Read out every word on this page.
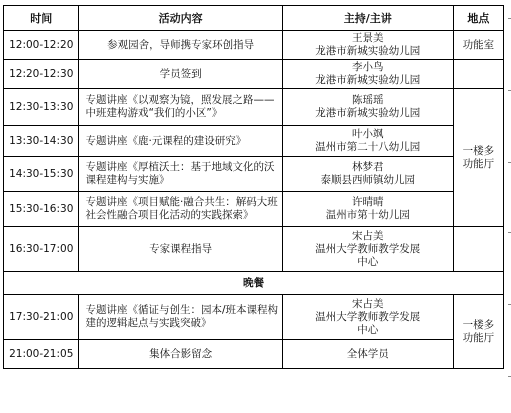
时间	活动内容	主持/主讲	地点
12:00-12:20	参观园舍，导师携专家环创指导	王景美
龙港市新城实验幼儿园	功能室

12:20-12:30	学员签到	李小鸟
龙港市新城实验幼儿园	

12:30-13:30	专题讲座《以观察为镜，照发展之路——中班建构游戏“我们的小区”》	陈瑶瑶
龙港市新城实验幼儿园	一楼多
功能厅

13:30-14:30	专题讲座《鹿·元课程的建设研究》	叶小飒
温州市第二十八幼儿园	

14:30-15:30	专题讲座《厚植沃土：基于地域文化的沃课程建构与实施》	林梦君
泰顺县西师镇幼儿园	

15:30-16:30	专题讲座《项目赋能·融合共生：解码大班社会性融合项目化活动的实践探索》	许晴晴
温州市第十幼儿园	

16:30-17:00	专家课程指导	宋占美
温州大学教师教学发展
中心	

晚餐			
17:30-21:00	专题讲座《循证与创生：园本/班本课程构建的逻辑起点与实践突破》	宋占美
温州大学教师教学发展
中心	一楼多
功能厅

21:00-21:05	集体合影留念	全体学员	
